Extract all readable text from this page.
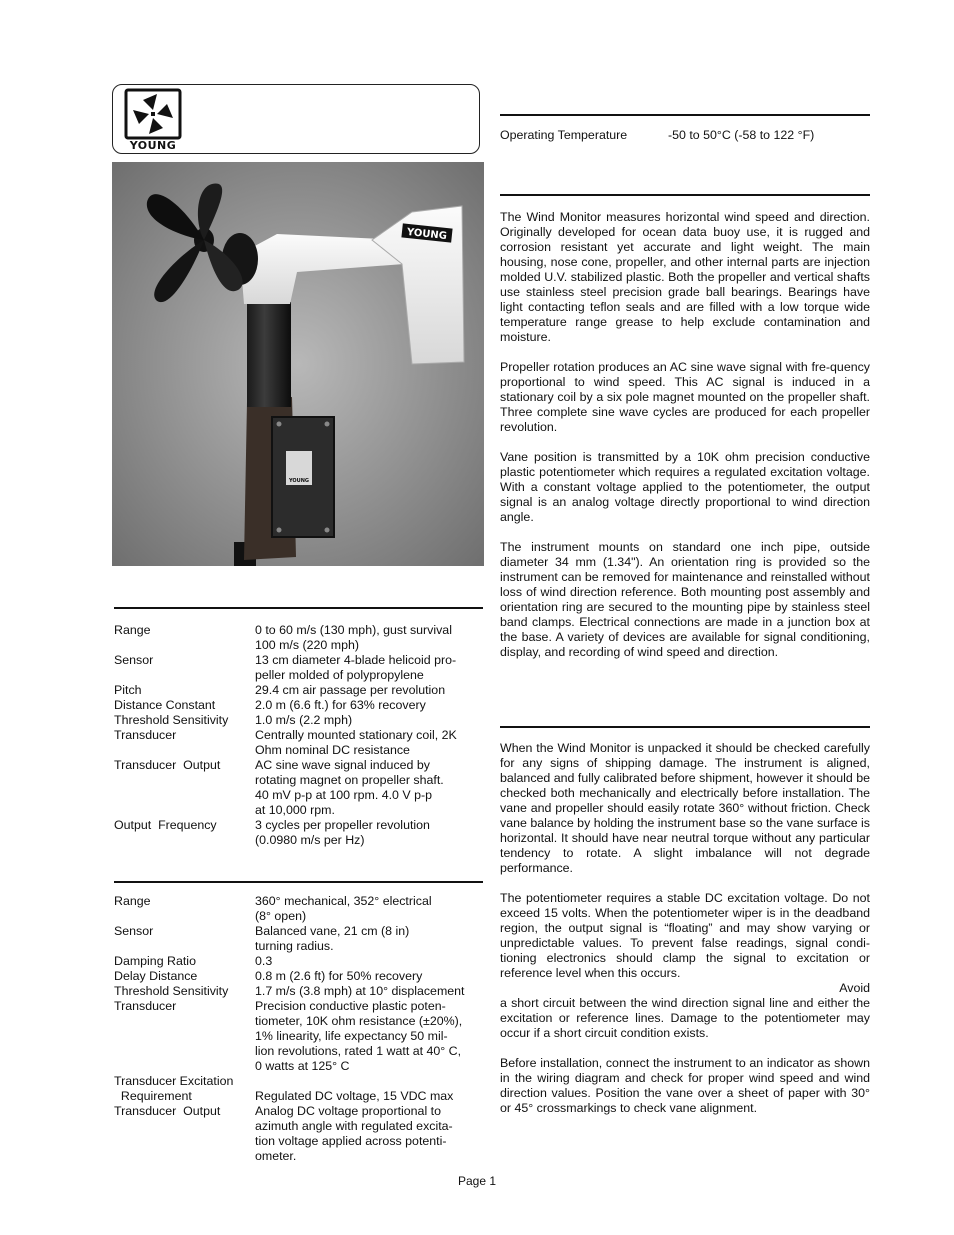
YOUNG
YOUNG
YOUNG
Range	0 to 60 m/s (130 mph), gust survival
100 m/s (220 mph)
Sensor	13 cm diameter 4-blade helicoid pro-
peller molded of polypropylene
Pitch	29.4 cm air passage per revolution
Distance Constant	2.0 m (6.6 ft.) for 63% recovery
Threshold Sensitivity 1.0 m/s (2.2 mph)
Transducer	Centrally mounted stationary coil, 2K
Ohm nominal DC resistance
Transducer  Output	AC sine wave signal induced by
rotating magnet on propeller shaft.
40 mV p-p at 100 rpm. 4.0 V p-p
at 10,000 rpm.
Output  Frequency	3 cycles per propeller revolution
(0.0980 m/s per Hz)
Range	360° mechanical, 352° electrical
(8° open)
Sensor	Balanced vane, 21 cm (8 in)
turning radius.
Damping Ratio	0.3
Delay Distance	0.8 m (2.6 ft) for 50% recovery
Threshold Sensitivity 1.7 m/s (3.8 mph) at 10° displacement
Transducer	Precision conductive plastic poten-
tiometer, 10K ohm resistance (±20%),
1% linearity, life expectancy 50 mil-
lion revolutions, rated 1 watt at 40° C,
0 watts at 125° C
Transducer Excitation
Requirement	
Regulated DC voltage, 15 VDC max
Transducer  Output	Analog DC voltage proportional to
azimuth angle with regulated excita-
tion voltage applied across potenti-
ometer.
Operating Temperature	-50 to 50°C (-58 to 122 °F)

The Wind Monitor measures horizontal wind speed and direction. Originally developed for ocean data buoy use, it is rugged and corrosion resistant yet accurate and light weight. The main housing, nose cone, propeller, and other internal parts are injection molded U.V. stabilized plastic. Both the propeller and vertical shafts use stainless steel precision grade ball bearings. Bearings have light contacting teflon seals and are filled with a low torque wide temperature range grease to help exclude contamination and moisture.

Propeller rotation produces an AC sine wave signal with fre-quency proportional to wind speed. This AC signal is induced in a stationary coil by a six pole magnet mounted on the propeller shaft. Three complete sine wave cycles are produced for each propeller revolution.

Vane position is transmitted by a 10K ohm precision conductive plastic potentiometer which requires a regulated excitation voltage. With a constant voltage applied to the potentiometer, the output signal is an analog voltage directly proportional to wind direction angle.

The instrument mounts on standard one inch pipe, outside diameter 34 mm (1.34"). An orientation ring is provided so the instrument can be removed for maintenance and reinstalled without loss of wind direction reference. Both mounting post assembly and orientation ring are secured to the mounting pipe by stainless steel band clamps. Electrical connections are made in a junction box at the base. A variety of devices are available for signal conditioning, display, and recording of wind speed and direction.

When the Wind Monitor is unpacked it should be checked carefully for any signs of shipping damage. The instrument is aligned, balanced and fully calibrated before shipment, however it should be checked both mechanically and electrically before installation. The vane and propeller should easily rotate 360° without friction. Check vane balance by holding the instrument base so the vane surface is horizontal. It should have near neutral torque without any particular tendency to rotate. A slight imbalance will not degrade performance.

The potentiometer requires a stable DC excitation voltage. Do not exceed 15 volts. When the potentiometer wiper is in the deadband region, the output signal is “floating” and may show varying or unpredictable values. To prevent false readings, signal condi-tioning electronics should clamp the signal to excitation or reference level when this occurs.

Avoid

a short circuit between the wind direction signal line and either the excitation or reference lines. Damage to the potentiometer may occur if a short circuit condition exists.

Before installation, connect the instrument to an indicator as shown in the wiring diagram and check for proper wind speed and wind direction values. Position the vane over a sheet of paper with 30° or 45° crossmarkings to check vane alignment.

Page 1
